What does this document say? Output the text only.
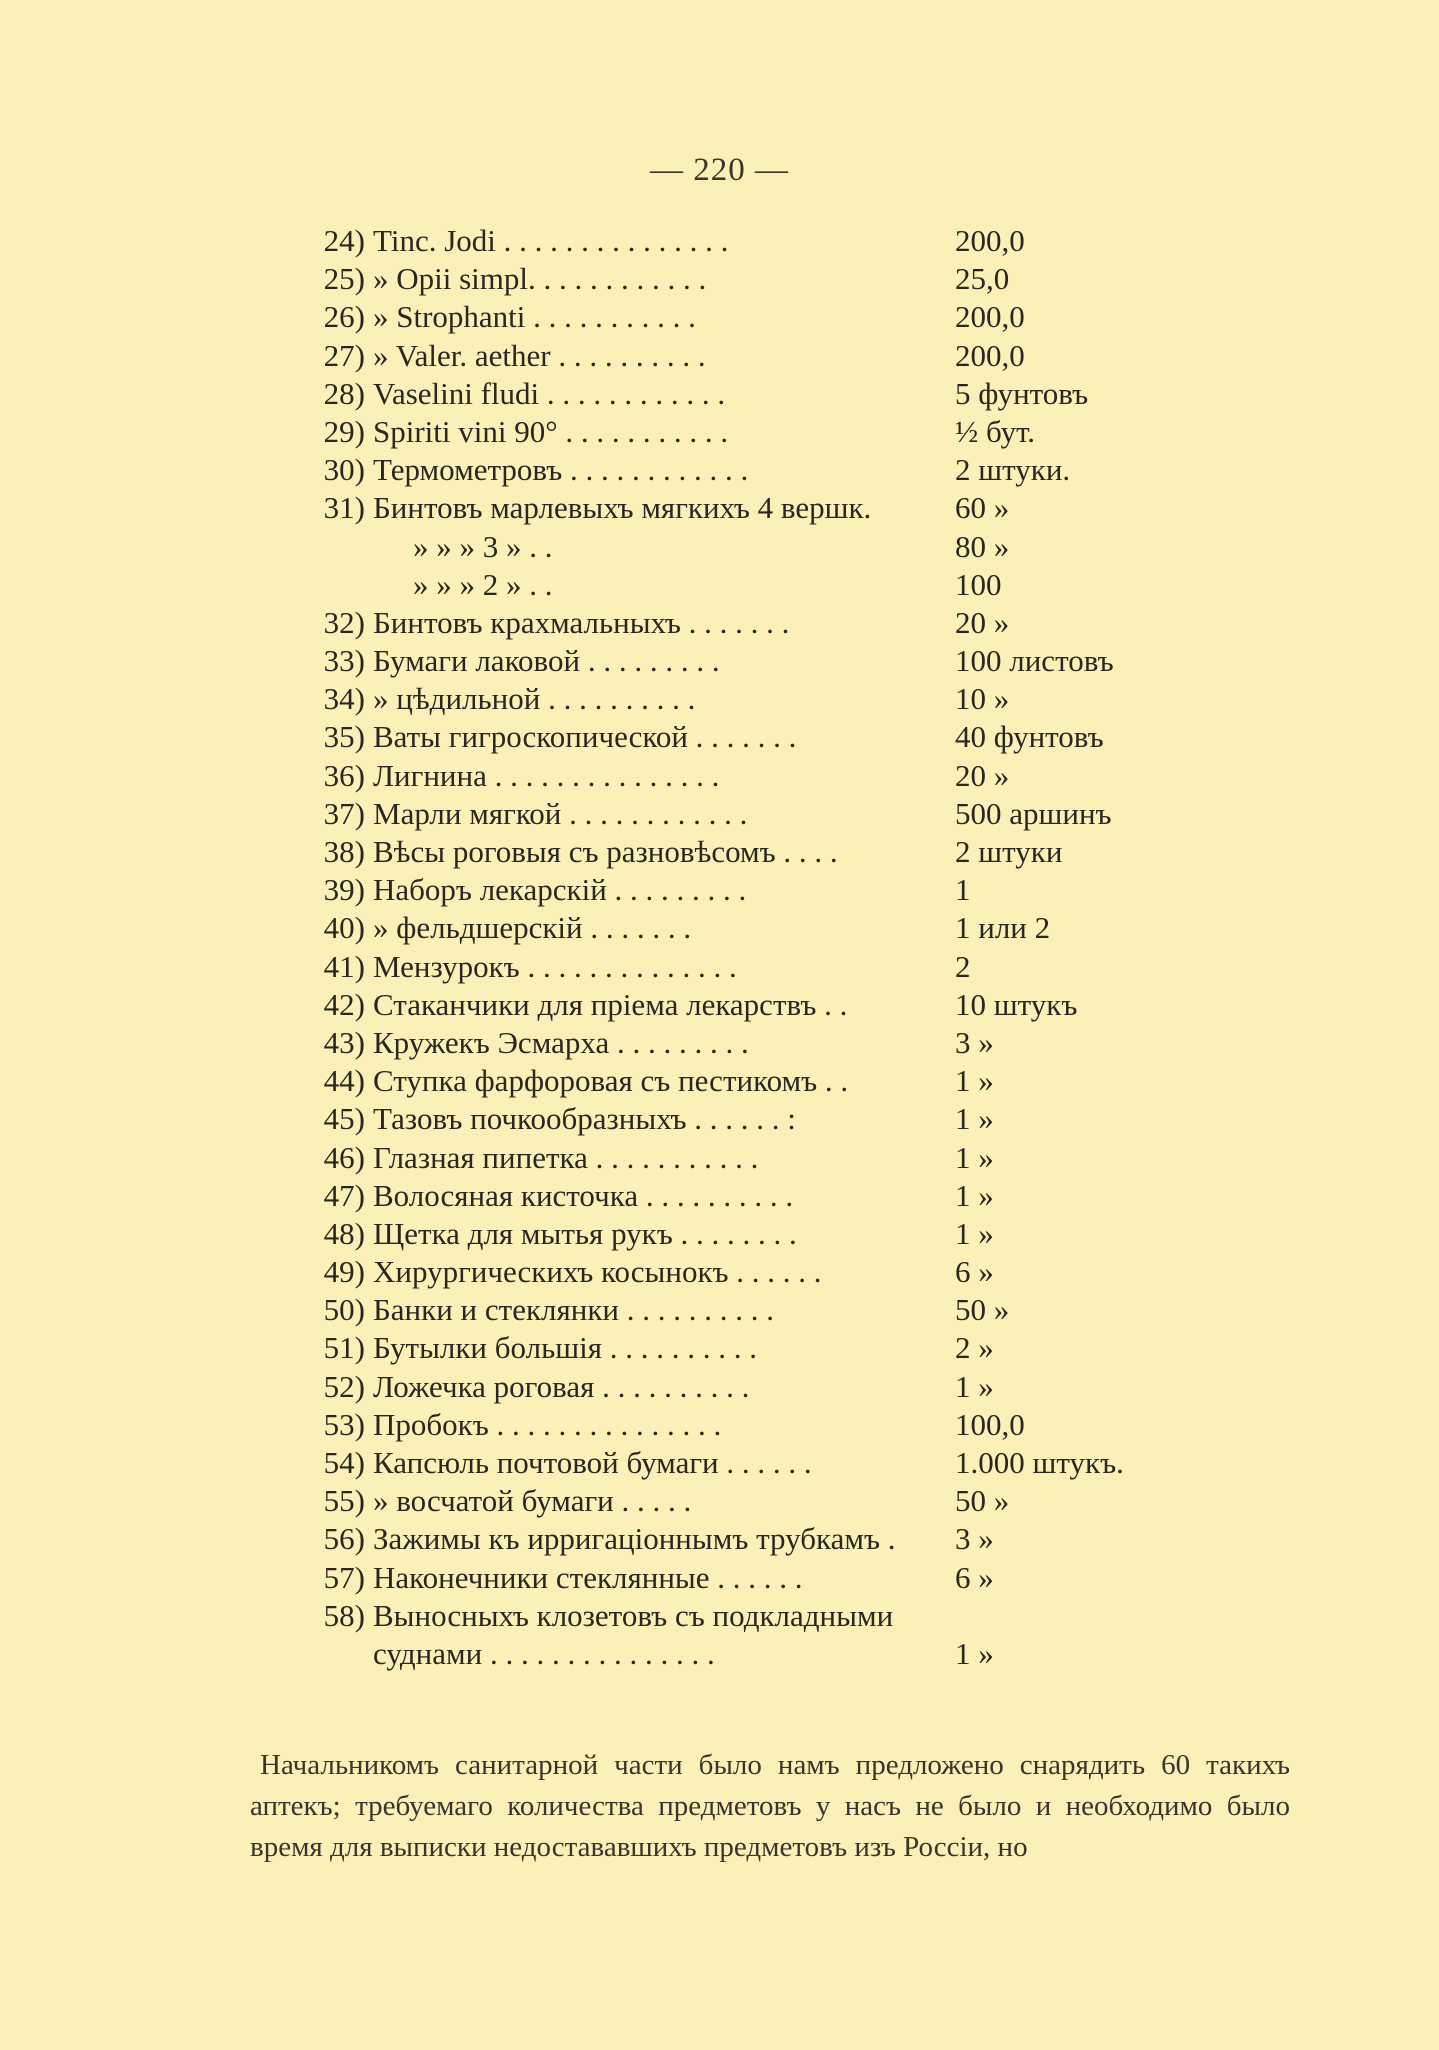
— 220 —
24) Tinc. Jodi . . . . . . . . . . . . . . .	200,0
25) » Opii simpl. . . . . . . . . . . .	25,0
26) » Strophanti . . . . . . . . . . .	200,0
27) » Valer. aether . . . . . . . . . .	200,0
28) Vaselini fludi . . . . . . . . . . . .	5 фунтовъ
29) Spiriti vini 90° . . . . . . . . . . .	½ бут.
30) Термометровъ . . . . . . . . . . . .	2 штуки.
31) Бинтовъ марлевыхъ мягкихъ 4 вершк.	60 »
» » » 3 » . .	80 »
» » » 2 » . .	100
32) Бинтовъ крахмальныхъ . . . . . . .	20 »
33) Бумаги лаковой . . . . . . . . .	100 листовъ
34) » цѣдильной . . . . . . . . . .	10 »
35) Ваты гигроскопической . . . . . . .	40 фунтовъ
36) Лигнина . . . . . . . . . . . . . . .	20 »
37) Марли мягкой . . . . . . . . . . . .	500 аршинъ
38) Вѣсы роговыя съ разновѣсомъ . . . .	2 штуки
39) Наборъ лекарскій . . . . . . . . .	1
40) » фельдшерскій . . . . . . .	1 или 2
41) Мензурокъ . . . . . . . . . . . . . .	2
42) Стаканчики для пріема лекарствъ . .	10 штукъ
43) Кружекъ Эсмарха . . . . . . . . .	3 »
44) Ступка фарфоровая съ пестикомъ . .	1 »
45) Тазовъ почкообразныхъ . . . . . . :	1 »
46) Глазная пипетка . . . . . . . . . . .	1 »
47) Волосяная кисточка . . . . . . . . . .	1 »
48) Щетка для мытья рукъ . . . . . . . .	1 »
49) Хирургическихъ косынокъ . . . . . .	6 »
50) Банки и стеклянки . . . . . . . . . .	50 »
51) Бутылки большія . . . . . . . . . .	2 »
52) Ложечка роговая . . . . . . . . . .	1 »
53) Пробокъ . . . . . . . . . . . . . . .	100,0
54) Капсюль почтовой бумаги . . . . . .	1.000 штукъ.
55) » восчатой бумаги . . . . .	50 »
56) Зажимы къ ирригаціоннымъ трубкамъ .	3 »
57) Наконечники стеклянные . . . . . .	6 »
58) Выносныхъ клозетовъ съ подкладными
суднами . . . . . . . . . . . . . . .	1 »

Начальникомъ санитарной части было намъ предложено снарядить 60 такихъ аптекъ; требуемаго количества предметовъ у насъ не было и необходимо было время для выписки недостававшихъ предметовъ изъ Россіи, но
